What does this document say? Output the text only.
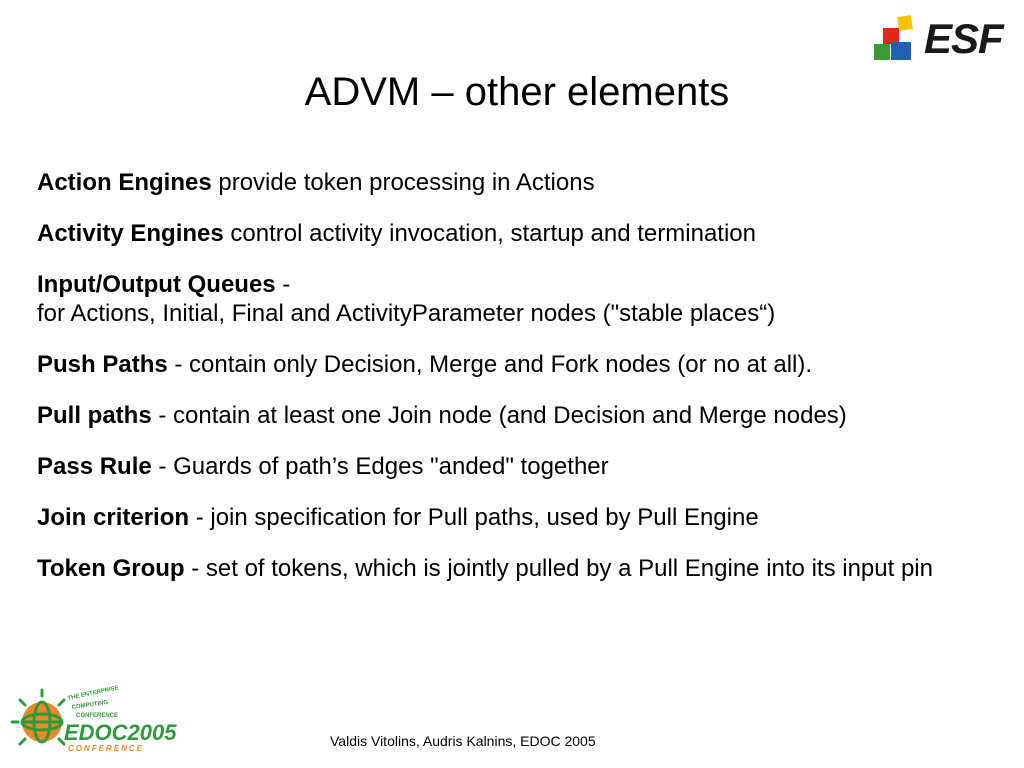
ESF
ADVM – other elements

Action Engines provide token processing in Actions

Activity Engines control activity invocation, startup and termination

Input/Output Queues -
for Actions, Initial, Final and ActivityParameter nodes ("stable places“)

Push Paths - contain only Decision, Merge and Fork nodes (or no at all).

Pull paths - contain at least one Join node (and Decision and Merge nodes)

Pass Rule - Guards of path’s Edges "anded" together

Join criterion - join specification for Pull paths, used by Pull Engine

Token Group - set of tokens, which is jointly pulled by a Pull Engine into its input pin

THE ENTERPRISE
COMPUTING
CONFERENCE
EDOC2005
CONFERENCE	Valdis Vitolins, Audris Kalnins, EDOC 2005
